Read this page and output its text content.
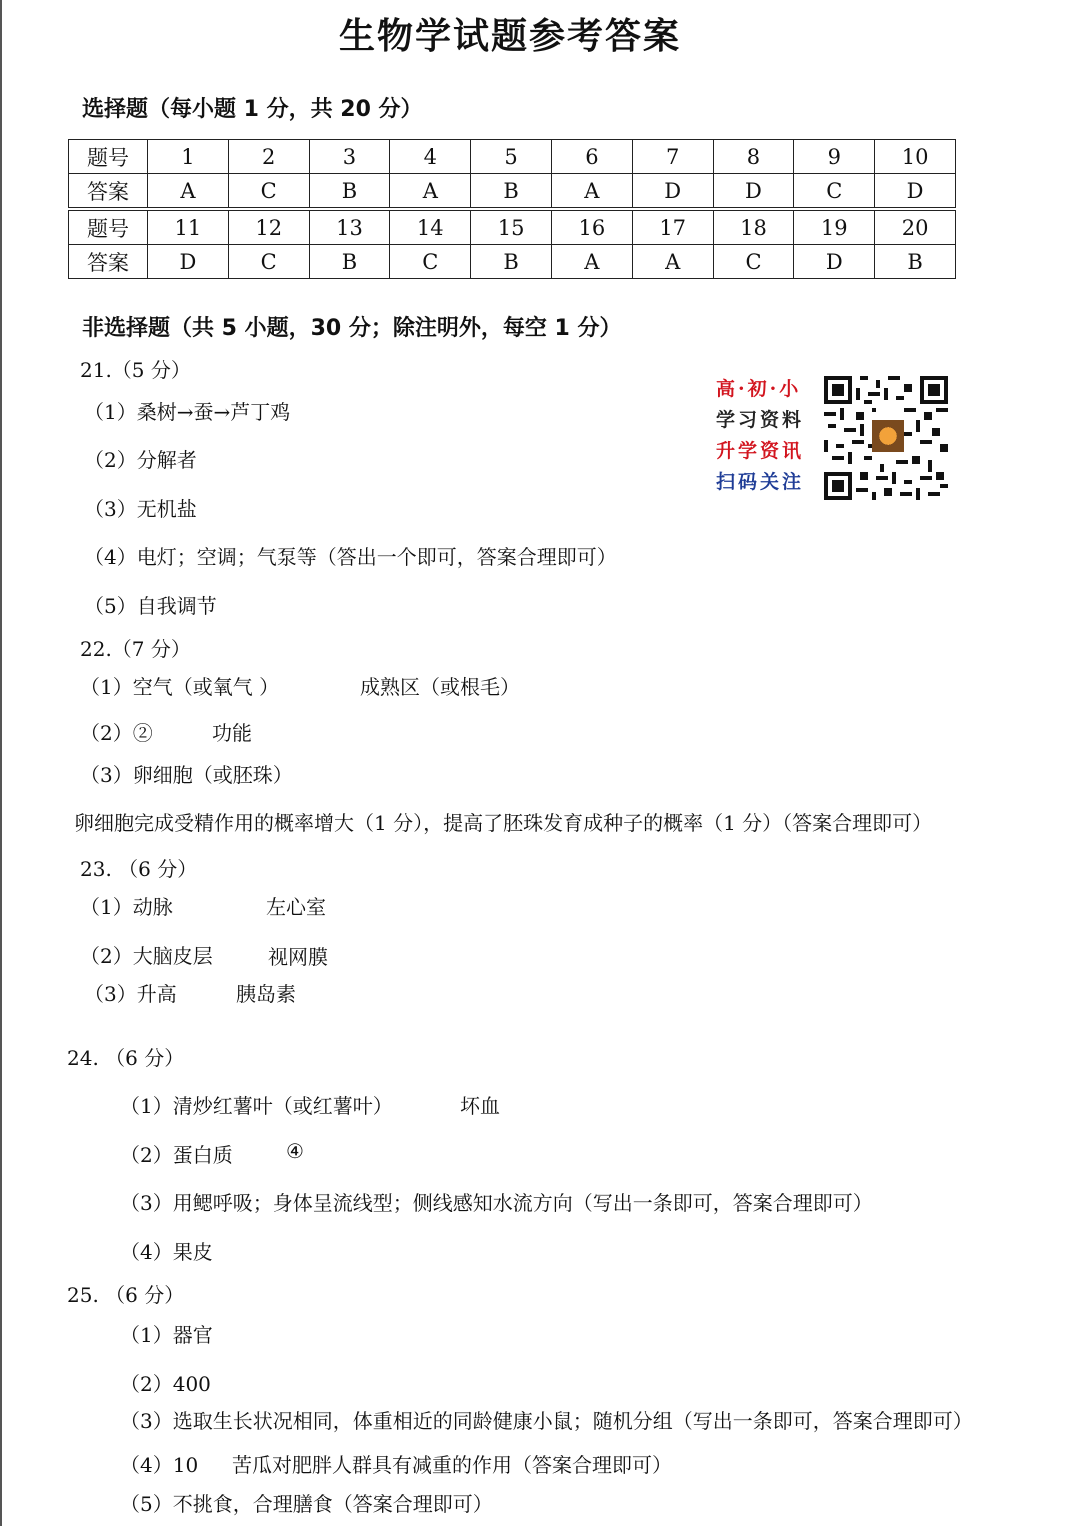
生物学试题参考答案
选择题（每小题 1 分，共 20 分）
题号	1	2	3	4	5	6	7	8	9	10
答案	A	C	B	A	B	A	D	D	C	D
题号	11	12	13	14	15	16	17	18	19	20
答案	D	C	B	C	B	A	A	C	D	B
非选择题（共 5 小题，30 分；除注明外，每空 1 分）
21.（5 分）
（1）桑树→蚕→芦丁鸡
（2）分解者
（3）无机盐
（4）电灯；空调；气泵等（答出一个即可，答案合理即可）
（5）自我调节
高·初·小
学习资料
升学资讯
扫码关注
22.（7 分）
（1）空气（或氧气 ）	成熟区（或根毛）
（2）②	功能
（3）卵细胞（或胚珠）
卵细胞完成受精作用的概率增大（1 分），提高了胚珠发育成种子的概率（1 分）（答案合理即可）
23. （6 分）
（1）动脉	左心室
（2）大脑皮层	视网膜
（3）升高	胰岛素
24. （6 分）
（1）清炒红薯叶（或红薯叶）	坏血
（2）蛋白质	④
（3）用鳃呼吸；身体呈流线型；侧线感知水流方向（写出一条即可，答案合理即可）
（4）果皮
25. （6 分）
（1）器官
（2）400
（3）选取生长状况相同，体重相近的同龄健康小鼠；随机分组（写出一条即可，答案合理即可）
（4）10 苦瓜对肥胖人群具有减重的作用（答案合理即可）
（5）不挑食，合理膳食（答案合理即可）
